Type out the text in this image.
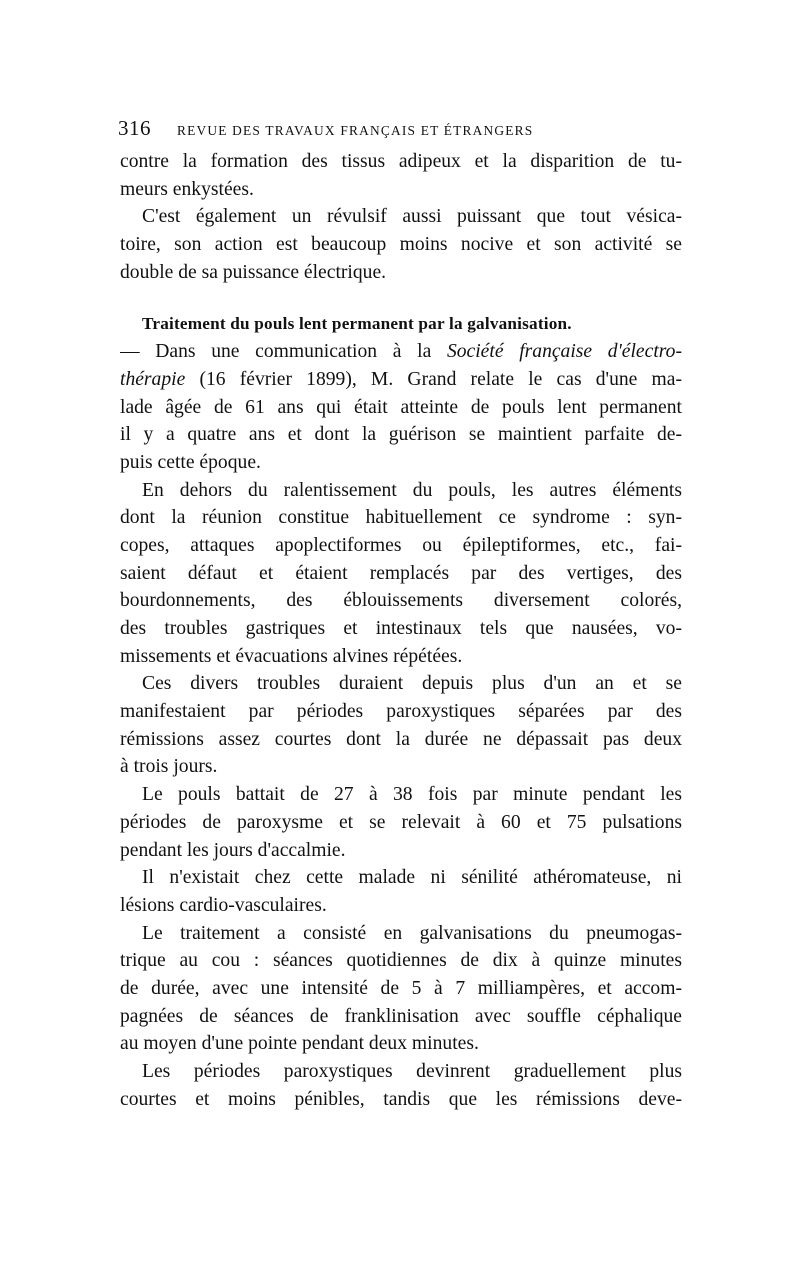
316 REVUE DES TRAVAUX FRANÇAIS ET ÉTRANGERS
contre la formation des tissus adipeux et la disparition de tu-
meurs enkystées.
C'est également un révulsif aussi puissant que tout vésica-
toire, son action est beaucoup moins nocive et son activité se
double de sa puissance électrique.
Traitement du pouls lent permanent par la galvanisation.
— Dans une communication à la Société française d'électro-
thérapie (16 février 1899), M. Grand relate le cas d'une ma-
lade âgée de 61 ans qui était atteinte de pouls lent permanent
il y a quatre ans et dont la guérison se maintient parfaite de-
puis cette époque.
En dehors du ralentissement du pouls, les autres éléments
dont la réunion constitue habituellement ce syndrome : syn-
copes, attaques apoplectiformes ou épileptiformes, etc., fai-
saient défaut et étaient remplacés par des vertiges, des
bourdonnements, des éblouissements diversement colorés,
des troubles gastriques et intestinaux tels que nausées, vo-
missements et évacuations alvines répétées.
Ces divers troubles duraient depuis plus d'un an et se
manifestaient par périodes paroxystiques séparées par des
rémissions assez courtes dont la durée ne dépassait pas deux
à trois jours.
Le pouls battait de 27 à 38 fois par minute pendant les
périodes de paroxysme et se relevait à 60 et 75 pulsations
pendant les jours d'accalmie.
Il n'existait chez cette malade ni sénilité athéromateuse, ni
lésions cardio-vasculaires.
Le traitement a consisté en galvanisations du pneumogas-
trique au cou : séances quotidiennes de dix à quinze minutes
de durée, avec une intensité de 5 à 7 milliampères, et accom-
pagnées de séances de franklinisation avec souffle céphalique
au moyen d'une pointe pendant deux minutes.
Les périodes paroxystiques devinrent graduellement plus
courtes et moins pénibles, tandis que les rémissions deve-
